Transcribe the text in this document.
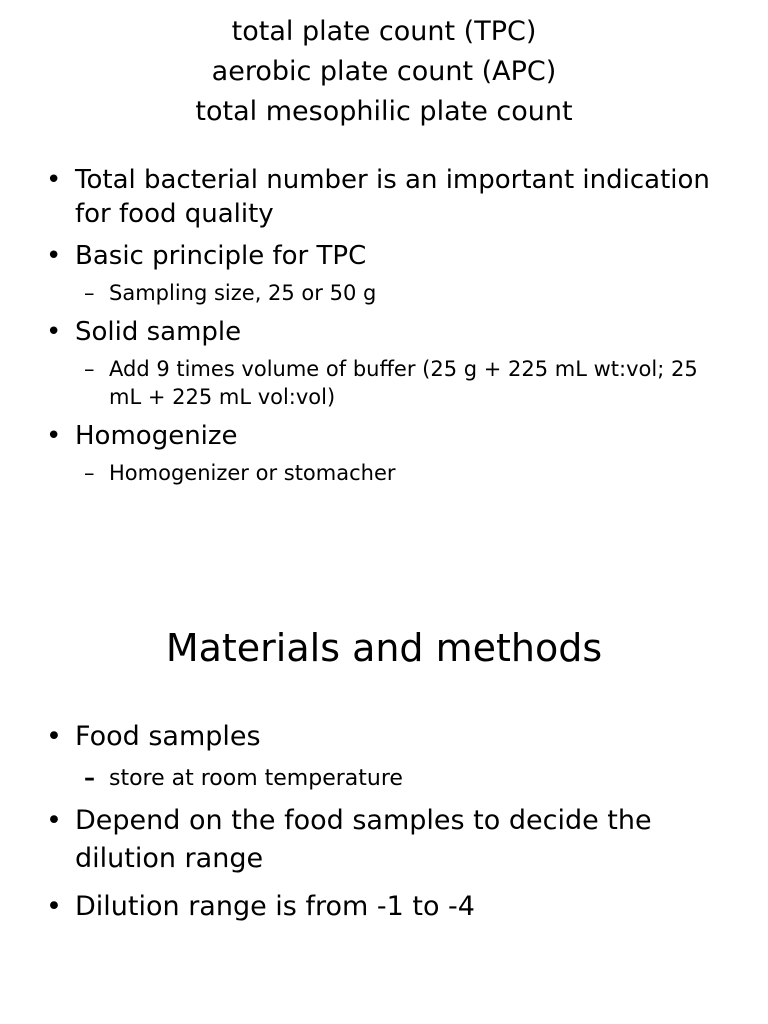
total plate count (TPC)
aerobic plate count (APC)
total mesophilic plate count
• Total bacterial number is an important indication for food quality
• Basic principle for TPC
– Sampling size, 25 or 50 g
• Solid sample
– Add 9 times volume of buffer (25 g + 225 mL wt:vol; 25 mL + 225 mL vol:vol)
• Homogenize
– Homogenizer or stomacher
Materials and methods
• Food samples
– store at room temperature
• Depend on the food samples to decide the dilution range
• Dilution range is from -1 to -4
